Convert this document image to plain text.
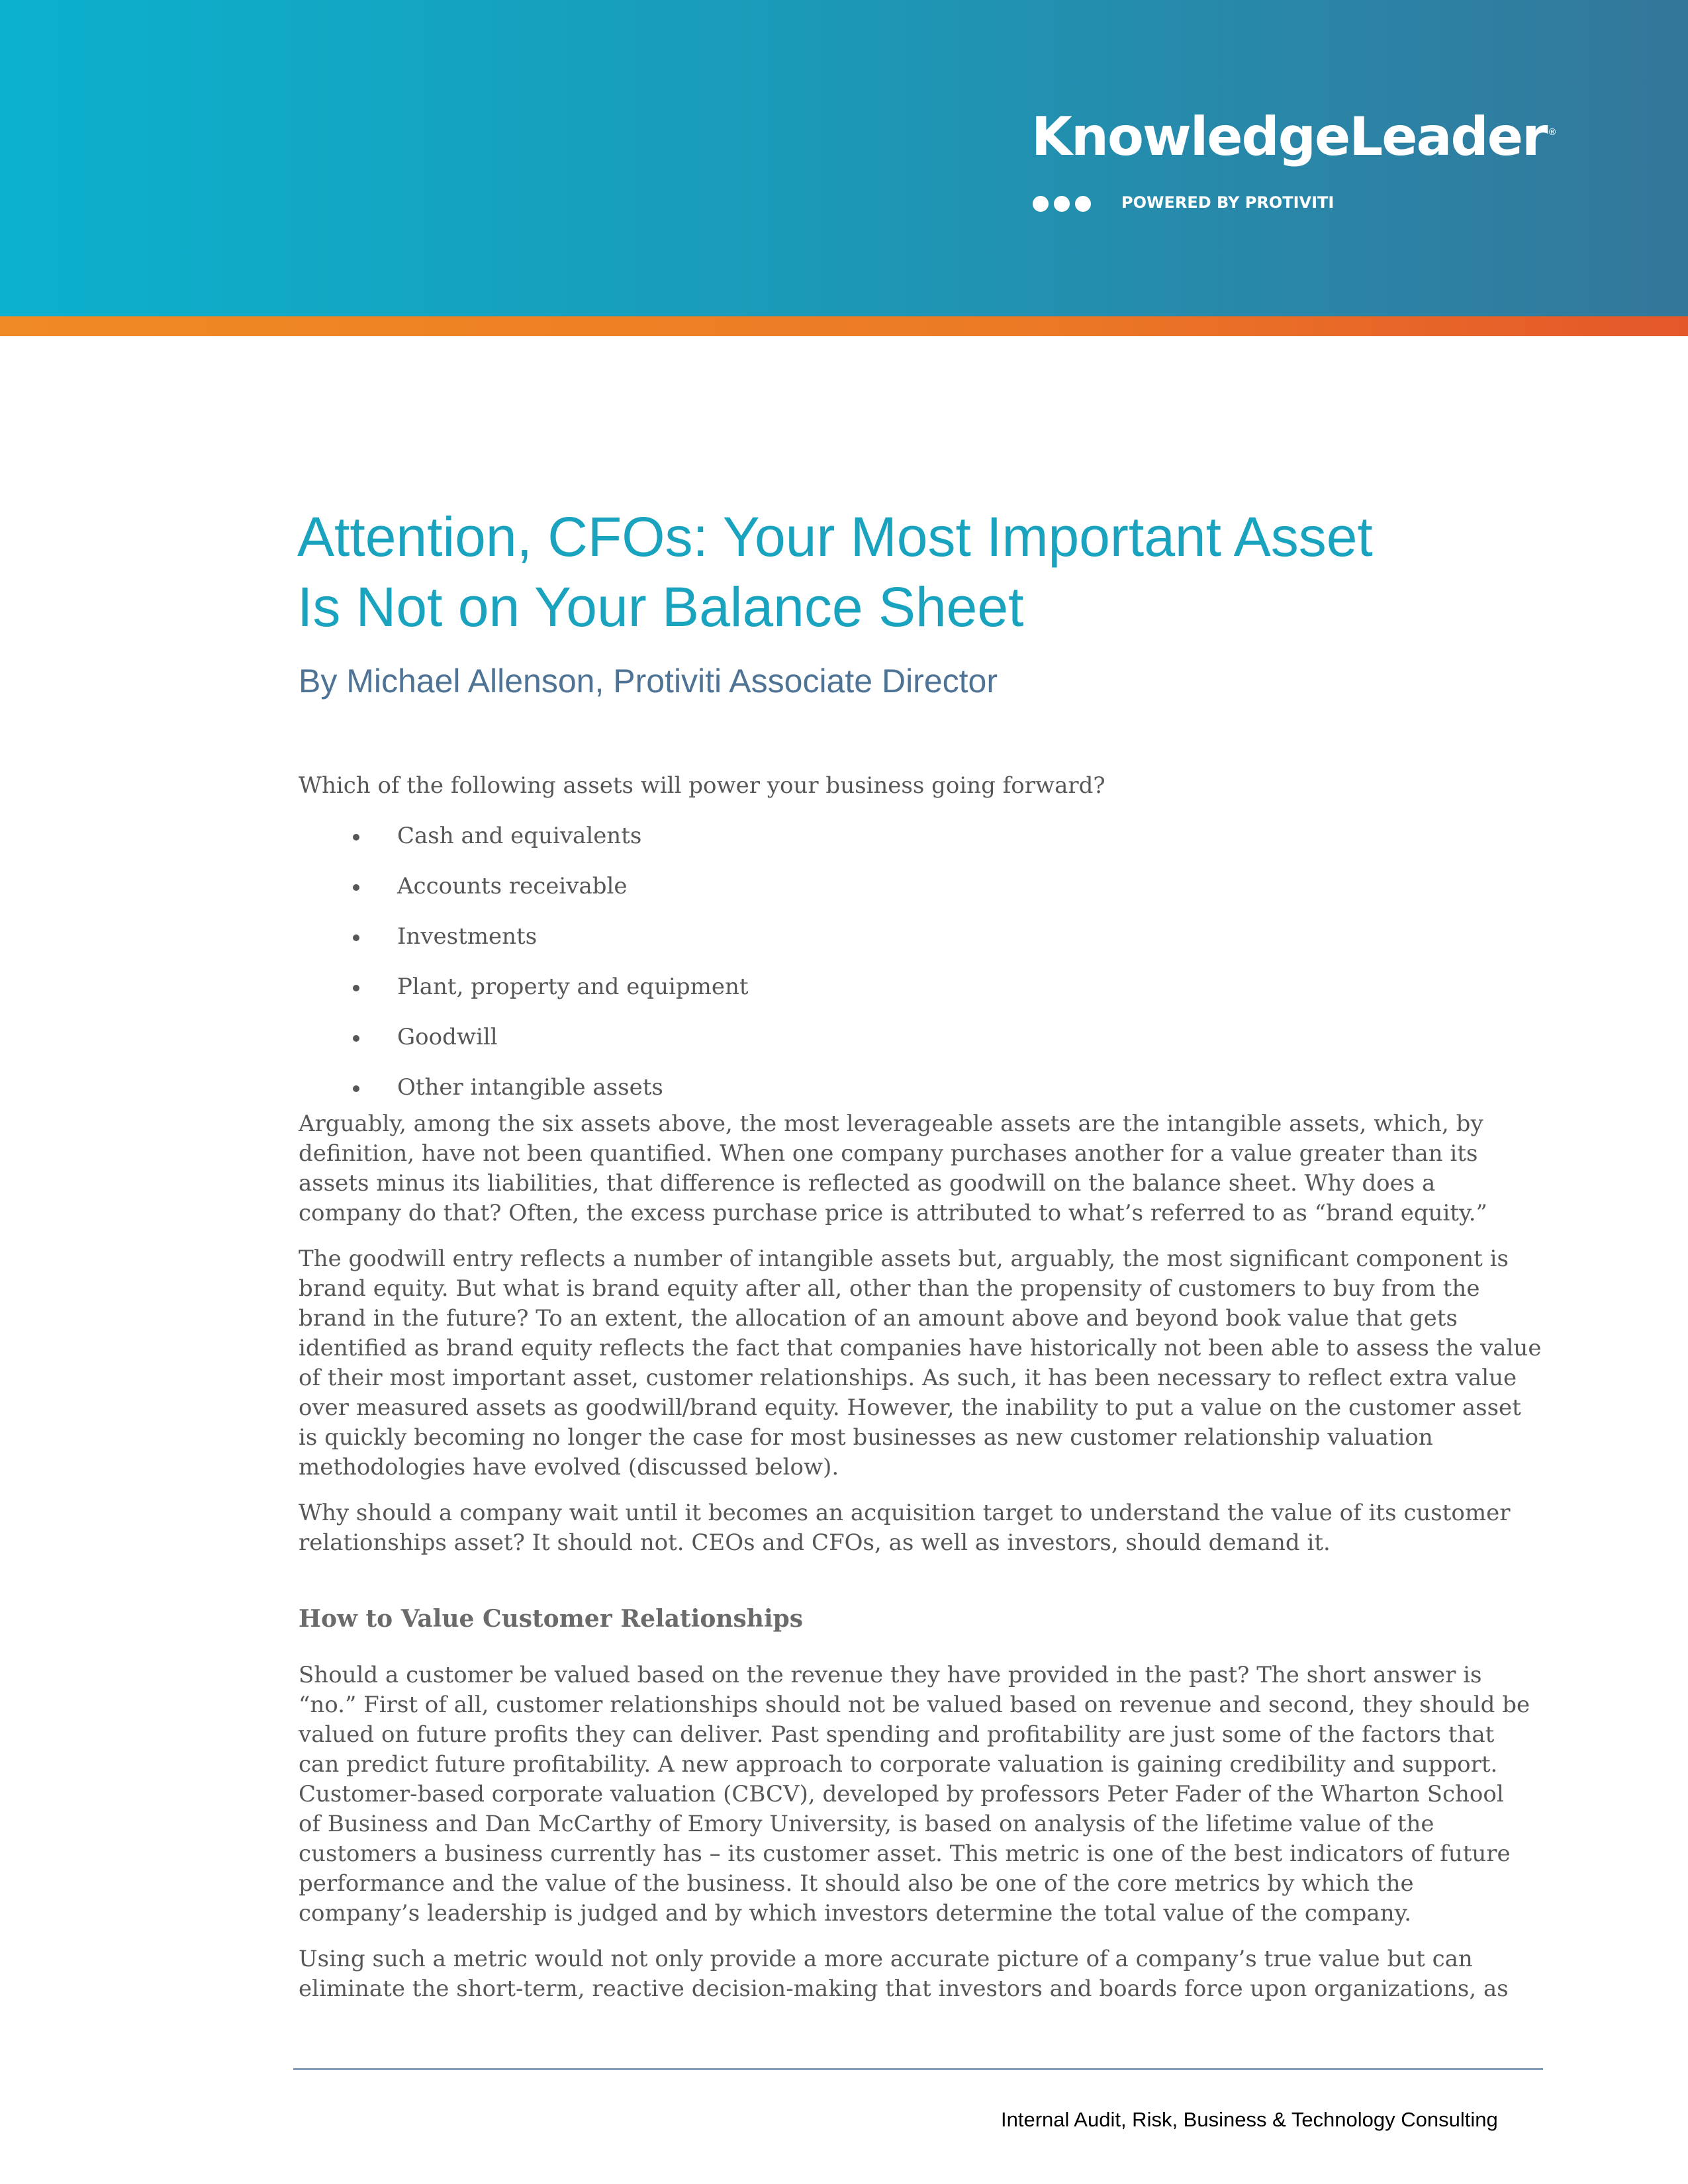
KnowledgeLeader ®
POWERED BY PROTIVITI
Attention, CFOs: Your Most Important Asset
Is Not on Your Balance Sheet
By Michael Allenson, Protiviti Associate Director

Which of the following assets will power your business going forward?

Cash and equivalents
Accounts receivable
Investments
Plant, property and equipment
Goodwill
Other intangible assets

Arguably, among the six assets above, the most leverageable assets are the intangible assets, which, by
definition, have not been quantified. When one company purchases another for a value greater than its
assets minus its liabilities, that difference is reflected as goodwill on the balance sheet. Why does a
company do that? Often, the excess purchase price is attributed to what’s referred to as “brand equity.”

The goodwill entry reflects a number of intangible assets but, arguably, the most significant component is
brand equity. But what is brand equity after all, other than the propensity of customers to buy from the
brand in the future? To an extent, the allocation of an amount above and beyond book value that gets
identified as brand equity reflects the fact that companies have historically not been able to assess the value
of their most important asset, customer relationships. As such, it has been necessary to reflect extra value
over measured assets as goodwill/brand equity. However, the inability to put a value on the customer asset
is quickly becoming no longer the case for most businesses as new customer relationship valuation
methodologies have evolved (discussed below).

Why should a company wait until it becomes an acquisition target to understand the value of its customer
relationships asset? It should not. CEOs and CFOs, as well as investors, should demand it.

How to Value Customer Relationships

Should a customer be valued based on the revenue they have provided in the past? The short answer is
“no.” First of all, customer relationships should not be valued based on revenue and second, they should be
valued on future profits they can deliver. Past spending and profitability are just some of the factors that
can predict future profitability. A new approach to corporate valuation is gaining credibility and support.
Customer-based corporate valuation (CBCV), developed by professors Peter Fader of the Wharton School
of Business and Dan McCarthy of Emory University, is based on analysis of the lifetime value of the
customers a business currently has – its customer asset. This metric is one of the best indicators of future
performance and the value of the business. It should also be one of the core metrics by which the
company’s leadership is judged and by which investors determine the total value of the company.

Using such a metric would not only provide a more accurate picture of a company’s true value but can
eliminate the short-term, reactive decision-making that investors and boards force upon organizations, as

Internal Audit, Risk, Business & Technology Consulting
